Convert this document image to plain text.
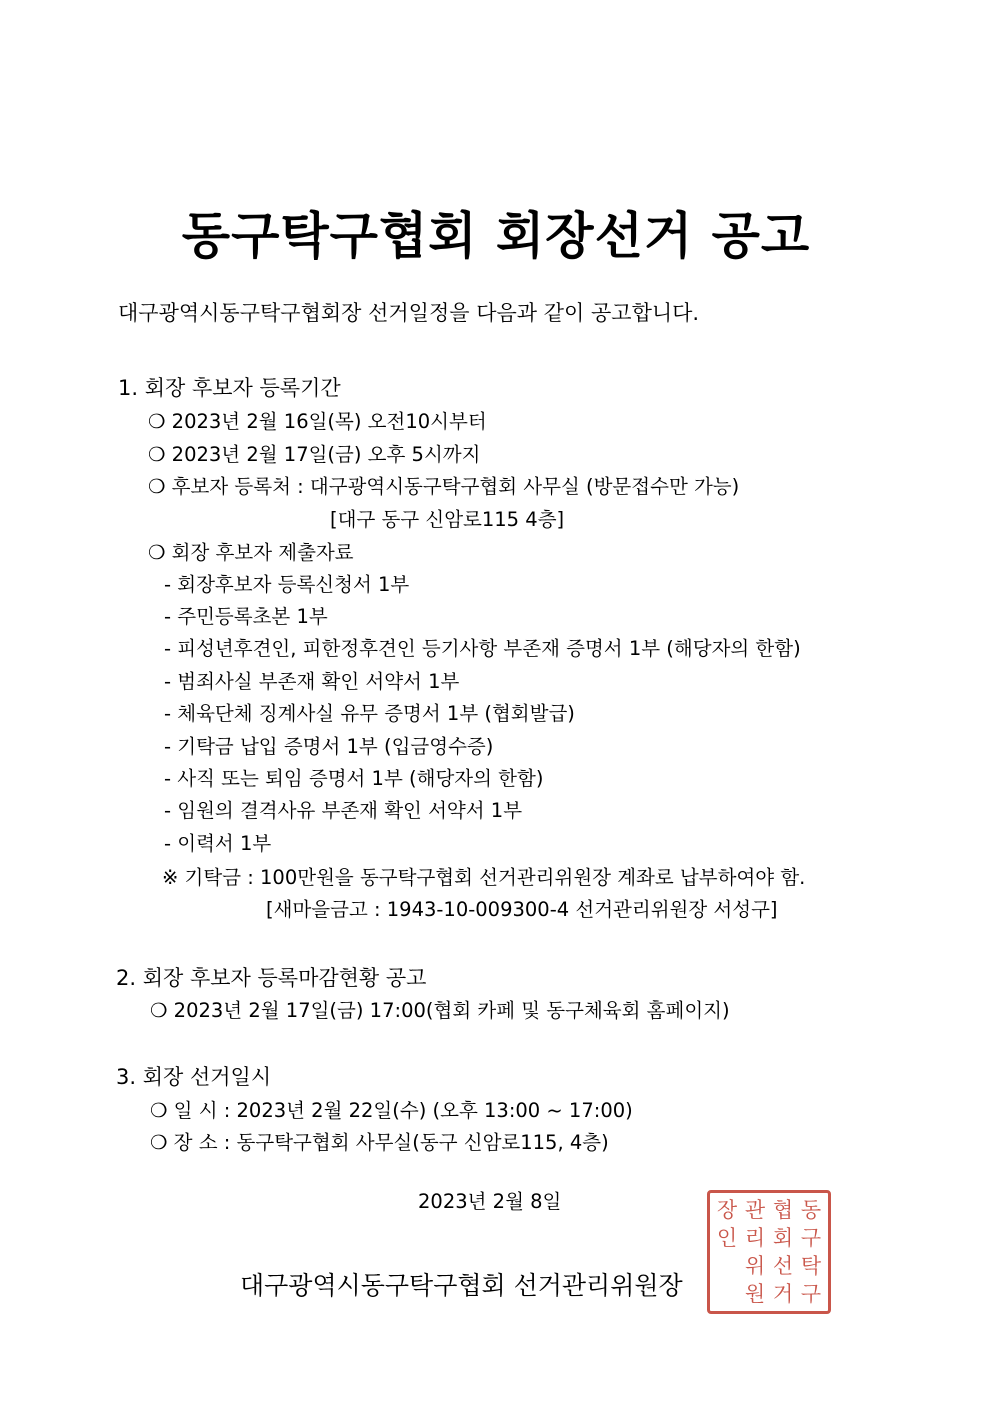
동구탁구협회 회장선거 공고
대구광역시동구탁구협회장 선거일정을 다음과 같이 공고합니다.
1. 회장 후보자 등록기간
❍ 2023년 2월 16일(목) 오전10시부터
❍ 2023년 2월 17일(금) 오후 5시까지
❍ 후보자 등록처 : 대구광역시동구탁구협회 사무실 (방문접수만 가능)
[대구 동구 신암로115 4층]
❍ 회장 후보자 제출자료
- 회장후보자 등록신청서 1부
- 주민등록초본 1부
- 피성년후견인, 피한정후견인 등기사항 부존재 증명서 1부 (해당자의 한함)
- 범죄사실 부존재 확인 서약서 1부
- 체육단체 징계사실 유무 증명서 1부 (협회발급)
- 기탁금 납입 증명서 1부 (입금영수증)
- 사직 또는 퇴임 증명서 1부 (해당자의 한함)
- 임원의 결격사유 부존재 확인 서약서 1부
- 이력서 1부
※ 기탁금 : 100만원을 동구탁구협회 선거관리위원장 계좌로 납부하여야 함.
[새마을금고 : 1943-10-009300-4 선거관리위원장 서성구]
2. 회장 후보자 등록마감현황 공고
❍ 2023년 2월 17일(금) 17:00(협회 카페 및 동구체육회 홈페이지)
3. 회장 선거일시
❍ 일 시 : 2023년 2월 22일(수) (오후 13:00 ~ 17:00)
❍ 장 소 : 동구탁구협회 사무실(동구 신암로115, 4층)
2023년 2월 8일
대구광역시동구탁구협회 선거관리위원장
장 관 협 동
인 리 회 구
위 선 탁
원 거 구
